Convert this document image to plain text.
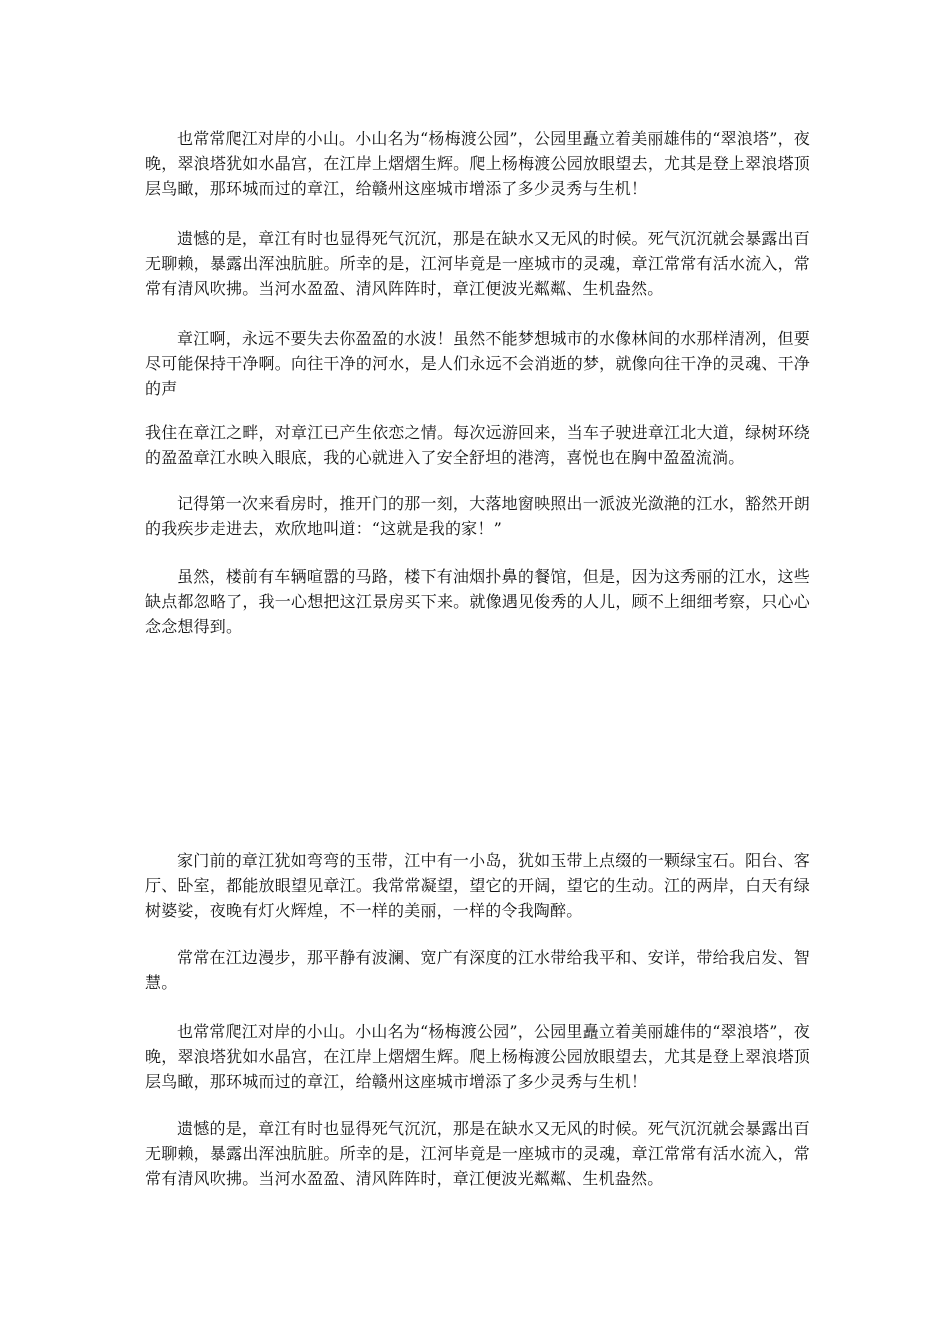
也常常爬江对岸的小山。小山名为“杨梅渡公园”，公园里矗立着美丽雄伟的“翠浪塔”，夜晚，翠浪塔犹如水晶宫，在江岸上熠熠生辉。爬上杨梅渡公园放眼望去，尤其是登上翠浪塔顶层鸟瞰，那环城而过的章江，给赣州这座城市增添了多少灵秀与生机！

遗憾的是，章江有时也显得死气沉沉，那是在缺水又无风的时候。死气沉沉就会暴露出百无聊赖，暴露出浑浊肮脏。所幸的是，江河毕竟是一座城市的灵魂，章江常常有活水流入，常常有清风吹拂。当河水盈盈、清风阵阵时，章江便波光粼粼、生机盎然。

章江啊，永远不要失去你盈盈的水波！虽然不能梦想城市的水像林间的水那样清冽，但要尽可能保持干净啊。向往干净的河水，是人们永远不会消逝的梦，就像向往干净的灵魂、干净的声

我住在章江之畔，对章江已产生依恋之情。每次远游回来，当车子驶进章江北大道，绿树环绕的盈盈章江水映入眼底，我的心就进入了安全舒坦的港湾，喜悦也在胸中盈盈流淌。

记得第一次来看房时，推开门的那一刻，大落地窗映照出一派波光潋滟的江水，豁然开朗的我疾步走进去，欢欣地叫道：“这就是我的家！”

虽然，楼前有车辆喧嚣的马路，楼下有油烟扑鼻的餐馆，但是，因为这秀丽的江水，这些缺点都忽略了，我一心想把这江景房买下来。就像遇见俊秀的人儿，顾不上细细考察，只心心念念想得到。

家门前的章江犹如弯弯的玉带，江中有一小岛，犹如玉带上点缀的一颗绿宝石。阳台、客厅、卧室，都能放眼望见章江。我常常凝望，望它的开阔，望它的生动。江的两岸，白天有绿树婆娑，夜晚有灯火辉煌，不一样的美丽，一样的令我陶醉。

常常在江边漫步，那平静有波澜、宽广有深度的江水带给我平和、安详，带给我启发、智慧。

也常常爬江对岸的小山。小山名为“杨梅渡公园”，公园里矗立着美丽雄伟的“翠浪塔”，夜晚，翠浪塔犹如水晶宫，在江岸上熠熠生辉。爬上杨梅渡公园放眼望去，尤其是登上翠浪塔顶层鸟瞰，那环城而过的章江，给赣州这座城市增添了多少灵秀与生机！

遗憾的是，章江有时也显得死气沉沉，那是在缺水又无风的时候。死气沉沉就会暴露出百无聊赖，暴露出浑浊肮脏。所幸的是，江河毕竟是一座城市的灵魂，章江常常有活水流入，常常有清风吹拂。当河水盈盈、清风阵阵时，章江便波光粼粼、生机盎然。
